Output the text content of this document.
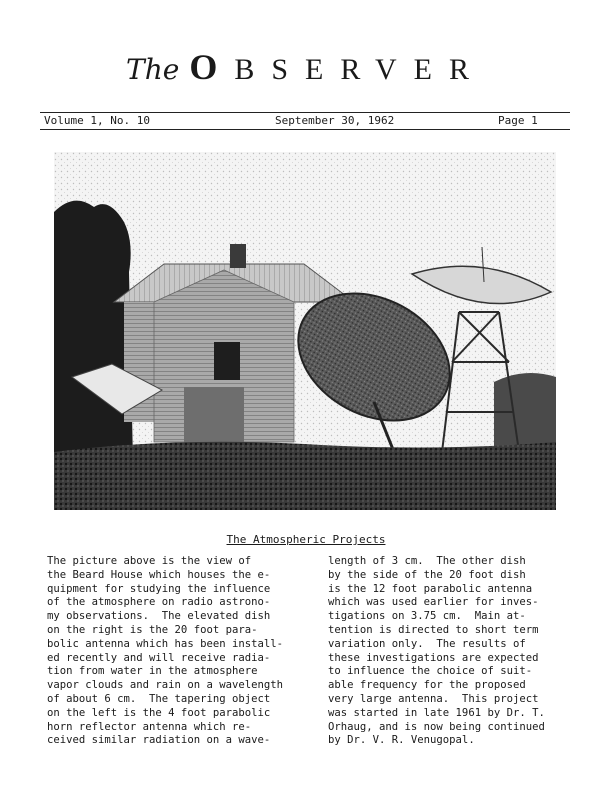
The OBSERVER
Volume 1, No. 10	September 30, 1962	Page 1
The Atmospheric Projects
The picture above is the view of
the Beard House which houses the e-
quipment for studying the influence
of the atmosphere on radio astrono-
my observations.  The elevated dish
on the right is the 20 foot para-
bolic antenna which has been install-
ed recently and will receive radia-
tion from water in the atmosphere
vapor clouds and rain on a wavelength
of about 6 cm.  The tapering object
on the left is the 4 foot parabolic
horn reflector antenna which re-
ceived similar radiation on a wave-
length of 3 cm.  The other dish
by the side of the 20 foot dish
is the 12 foot parabolic antenna
which was used earlier for inves-
tigations on 3.75 cm.  Main at-
tention is directed to short term
variation only.  The results of
these investigations are expected
to influence the choice of suit-
able frequency for the proposed
very large antenna.  This project
was started in late 1961 by Dr. T.
Orhaug, and is now being continued
by Dr. V. R. Venugopal.
